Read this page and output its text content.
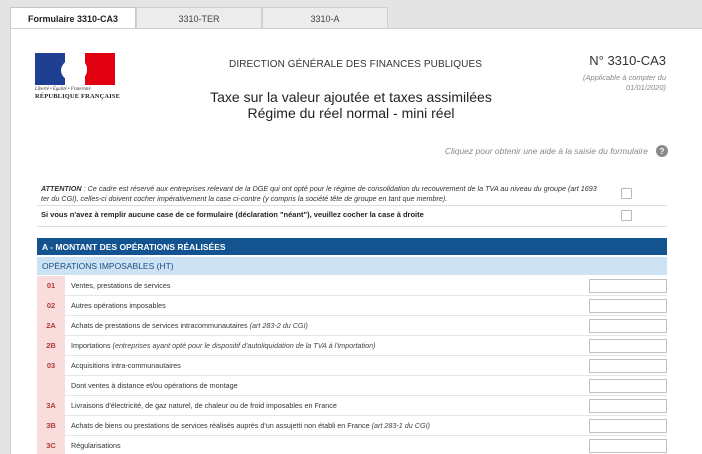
Formulaire 3310-CA3	3310-TER	3310-A
Liberté • Égalité • Fraternité
RÉPUBLIQUE FRANÇAISE
DIRECTION GÉNÉRALE DES FINANCES PUBLIQUES	N° 3310-CA3
(Applicable à compter du 01/01/2020)
Taxe sur la valeur ajoutée et taxes assimilées
Régime du réel normal - mini réel
Cliquez pour obtenir une aide à la saisie du formulaire	?
ATTENTION : Ce cadre est réservé aux entreprises relevant de la DGE qui ont opté pour le régime de consolidation du recouvrement de la TVA au niveau du groupe (art 1693 ter du CGI), celles-ci doivent cocher impérativement la case ci-contre (y compris la société tête de groupe en tant que membre).
Si vous n'avez à remplir aucune case de ce formulaire (déclaration "néant"), veuillez cocher la case à droite
A - MONTANT DES OPÉRATIONS RÉALISÉES
OPÉRATIONS IMPOSABLES (HT)
01	Ventes, prestations de services
02	Autres opérations imposables
2A	Achats de prestations de services intracommunautaires (art 283-2 du CGI)
2B	Importations (entreprises ayant opté pour le dispositif d'autoliquidation de la TVA à l'importation)
03	Acquisitions intra-communautaires
Dont ventes à distance et/ou opérations de montage
3A	Livraisons d'électricité, de gaz naturel, de chaleur ou de froid imposables en France
3B	Achats de biens ou prestations de services réalisés auprès d'un assujetti non établi en France (art 283-1 du CGI)
3C	Régularisations
